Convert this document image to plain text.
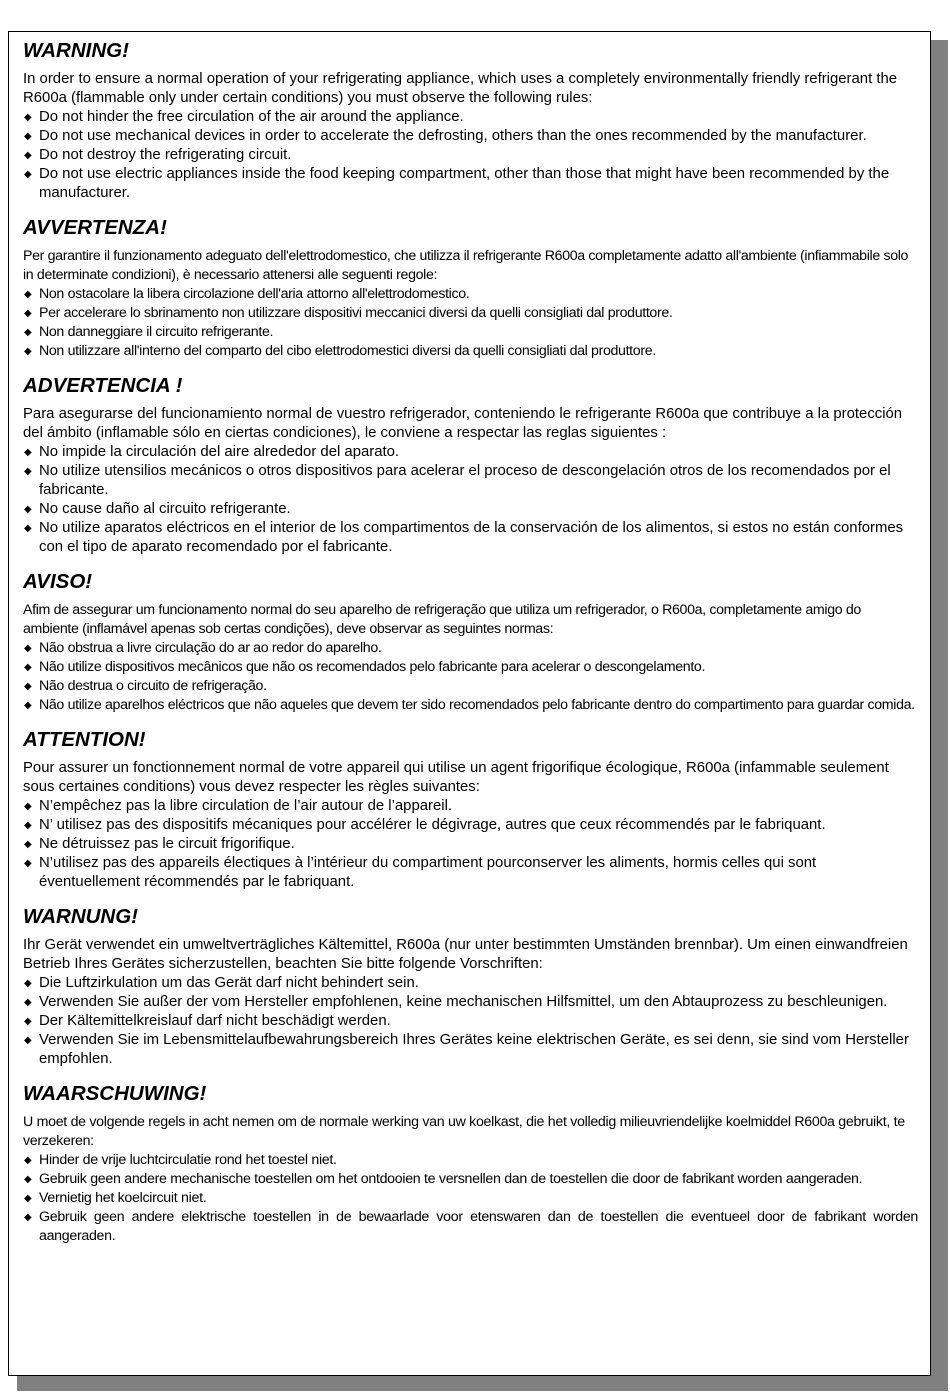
WARNING!

In order to ensure a normal operation of your refrigerating appliance, which uses a completely environmentally friendly refrigerant the R600a (flammable only under certain conditions) you must observe the following rules:

◆ Do not hinder the free circulation of the air around the appliance.
◆ Do not use mechanical devices in order to accelerate the defrosting, others than the ones recommended by the manufacturer.
◆ Do not destroy the refrigerating circuit.
◆ Do not use electric appliances inside the food keeping compartment, other than those that might have been recommended by the manufacturer.
AVVERTENZA!

Per garantire il funzionamento adeguato dell'elettrodomestico, che utilizza il refrigerante R600a completamente adatto all'ambiente (infiammabile solo in determinate condizioni), è necessario attenersi alle seguenti regole:

◆ Non ostacolare la libera circolazione dell'aria attorno all'elettrodomestico.
◆ Per accelerare lo sbrinamento non utilizzare dispositivi meccanici diversi da quelli consigliati dal produttore.
◆ Non danneggiare il circuito refrigerante.
◆ Non utilizzare all'interno del comparto del cibo elettrodomestici diversi da quelli consigliati dal produttore.
ADVERTENCIA !

Para asegurarse del funcionamiento normal de vuestro refrigerador, conteniendo le refrigerante R600a que contribuye a la protección del ámbito (inflamable sólo en ciertas condiciones), le conviene a respectar las reglas siguientes :

◆ No impide la circulación del aire alrededor del aparato.
◆ No utilize utensilios mecánicos o otros dispositivos para acelerar el proceso de descongelación otros de los recomendados por el fabricante.
◆ No cause daño al circuito refrigerante.
◆ No utilize aparatos eléctricos en el interior de los compartimentos de la conservación de los alimentos, si estos no están conformes con el tipo de aparato recomendado por el fabricante.
AVISO!

Afim de assegurar um funcionamento normal do seu aparelho de refrigeração que utiliza um refrigerador, o R600a, completamente amigo do ambiente (inflamável apenas sob certas condições), deve observar as seguintes normas:

◆ Não obstrua a livre circulação do ar ao redor do aparelho.
◆ Não utilize dispositivos mecânicos que não os recomendados pelo fabricante para acelerar o descongelamento.
◆ Não destrua o circuito de refrigeração.
◆ Não utilize aparelhos eléctricos que não aqueles que devem ter sido recomendados pelo fabricante dentro do compartimento para guardar comida.
ATTENTION!

Pour assurer un fonctionnement normal de votre appareil qui utilise un agent frigorifique écologique, R600a (infammable seulement sous certaines conditions) vous devez respecter les règles suivantes:

◆ N’empêchez pas la libre circulation de l’air autour de l’appareil.
◆ N’ utilisez pas des dispositifs mécaniques pour accélérer le dégivrage, autres que ceux récommendés par le fabriquant.
◆ Ne détruissez pas le circuit frigorifique.
◆ N’utilisez pas des appareils électiques à l’intérieur du compartiment pourconserver les aliments, hormis celles qui sont éventuellement récommendés par le fabriquant.
WARNUNG!

Ihr Gerät verwendet ein umweltverträgliches Kältemittel, R600a (nur unter bestimmten Umständen brennbar). Um einen einwandfreien Betrieb Ihres Gerätes sicherzustellen, beachten Sie bitte folgende Vorschriften:

◆ Die Luftzirkulation um das Gerät darf nicht behindert sein.
◆ Verwenden Sie außer der vom Hersteller empfohlenen, keine mechanischen Hilfsmittel, um den Abtauprozess zu beschleunigen.
◆ Der Kältemittelkreislauf darf nicht beschädigt werden.
◆ Verwenden Sie im Lebensmittelaufbewahrungsbereich Ihres Gerätes keine elektrischen Geräte, es sei denn, sie sind vom Hersteller empfohlen.
WAARSCHUWING!

U moet de volgende regels in acht nemen om de normale werking van uw koelkast, die het volledig milieuvriendelijke koelmiddel R600a gebruikt, te verzekeren:

◆ Hinder de vrije luchtcirculatie rond het toestel niet.
◆ Gebruik geen andere mechanische toestellen om het ontdooien te versnellen dan de toestellen die door de fabrikant worden aangeraden.
◆ Vernietig het koelcircuit niet.
◆ Gebruik geen andere elektrische toestellen in de bewaarlade voor etenswaren dan de toestellen die eventueel door de fabrikant worden aangeraden.
